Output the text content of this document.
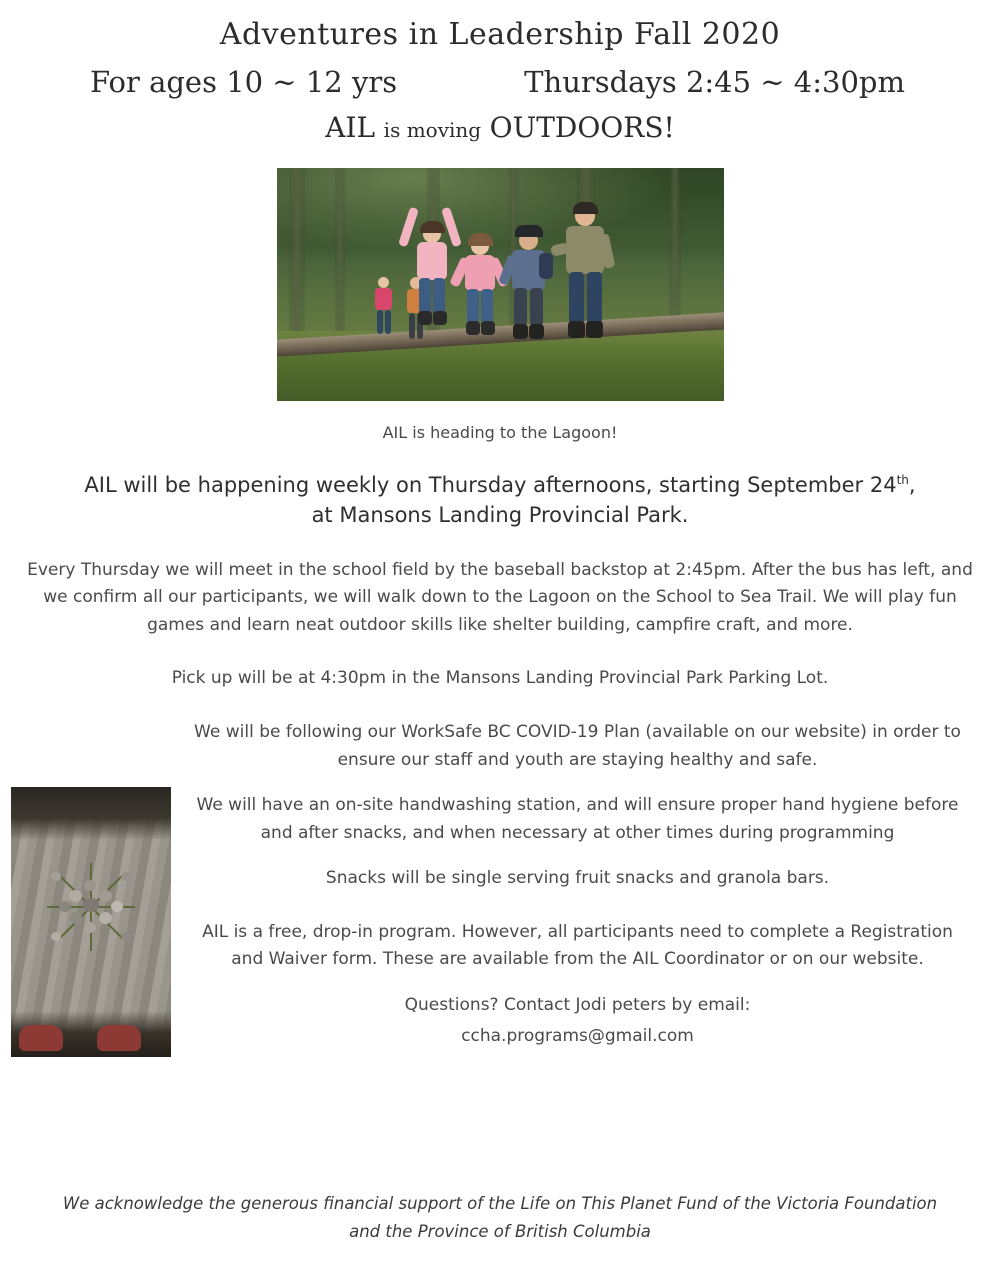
Adventures in Leadership Fall 2020
For ages 10 ~ 12 yrs	Thursdays 2:45 ~ 4:30pm
AIL is moving OUTDOORS!
AIL is heading to the Lagoon!
AIL will be happening weekly on Thursday afternoons, starting September 24th,
at Mansons Landing Provincial Park.
Every Thursday we will meet in the school field by the baseball backstop at 2:45pm. After the bus has left, and we confirm all our participants, we will walk down to the Lagoon on the School to Sea Trail. We will play fun games and learn neat outdoor skills like shelter building, campfire craft, and more.
Pick up will be at 4:30pm in the Mansons Landing Provincial Park Parking Lot.
We will be following our WorkSafe BC COVID-19 Plan (available on our website) in order to ensure our staff and youth are staying healthy and safe.
We will have an on-site handwashing station, and will ensure proper hand hygiene before and after snacks, and when necessary at other times during programming
Snacks will be single serving fruit snacks and granola bars.
AIL is a free, drop-in program. However, all participants need to complete a Registration and Waiver form. These are available from the AIL Coordinator or on our website.
Questions? Contact Jodi peters by email:
ccha.programs@gmail.com
We acknowledge the generous financial support of the Life on This Planet Fund of the Victoria Foundation
and the Province of British Columbia
